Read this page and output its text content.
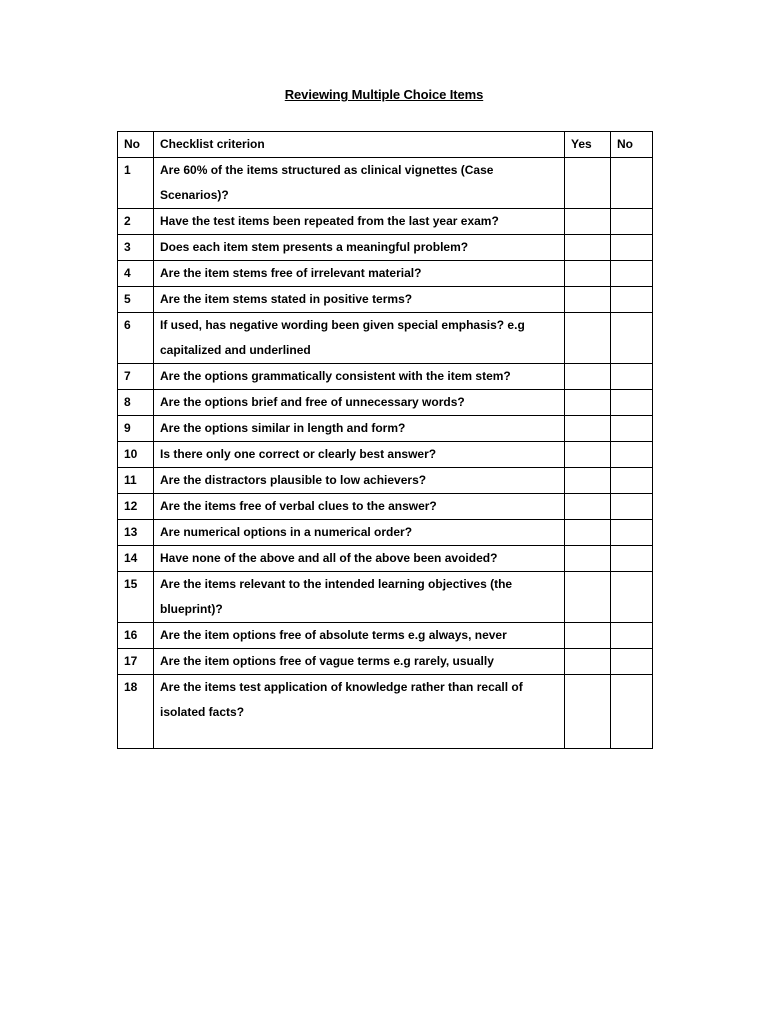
Reviewing Multiple Choice Items
No	Checklist criterion	Yes	No
1	Are 60% of the items structured as clinical vignettes (Case Scenarios)?		
2	Have the test items been repeated from the last year exam?		
3	Does each item stem presents a meaningful problem?		
4	Are the item stems free of irrelevant material?		
5	Are the item stems stated in positive terms?		
6	If used, has negative wording been given special emphasis? e.g capitalized and underlined		
7	Are the options grammatically consistent with the item stem?		
8	Are the options brief and free of unnecessary words?		
9	Are the options similar in length and form?		
10	Is there only one correct or clearly best answer?		
11	Are the distractors plausible to low achievers?		
12	Are the items free of verbal clues to the answer?		
13	Are numerical options in a numerical order?		
14	Have none of the above and all of the above been avoided?		
15	Are the items relevant to the intended learning objectives (the blueprint)?		
16	Are the item options free of absolute terms e.g always, never		
17	Are the item options free of vague terms e.g rarely, usually		
18	Are the items test application of knowledge rather than recall of isolated facts?		
